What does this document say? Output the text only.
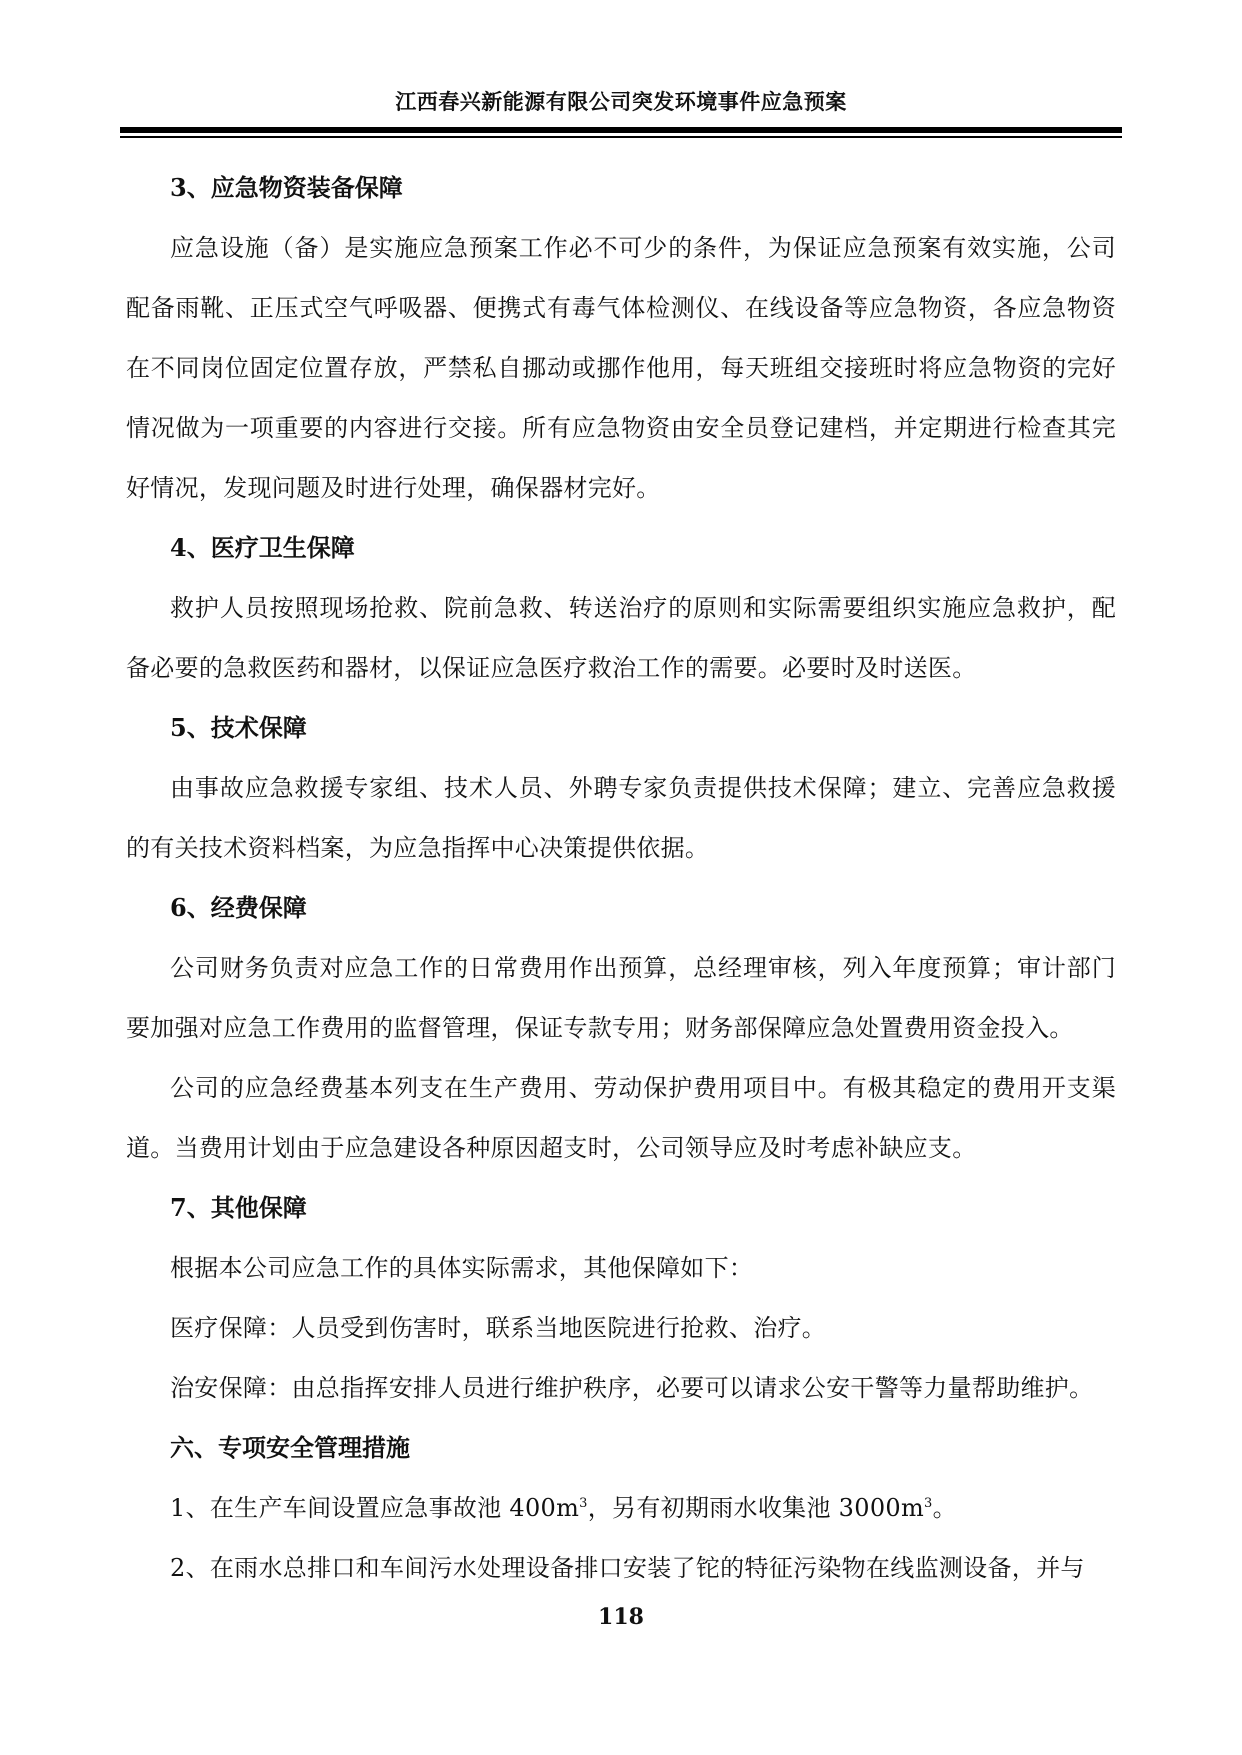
江西春兴新能源有限公司突发环境事件应急预案

3、应急物资装备保障

应急设施（备）是实施应急预案工作必不可少的条件，为保证应急预案有效实施，公司配备雨靴、正压式空气呼吸器、便携式有毒气体检测仪、在线设备等应急物资，各应急物资在不同岗位固定位置存放，严禁私自挪动或挪作他用，每天班组交接班时将应急物资的完好情况做为一项重要的内容进行交接。所有应急物资由安全员登记建档，并定期进行检查其完好情况，发现问题及时进行处理，确保器材完好。

4、医疗卫生保障

救护人员按照现场抢救、院前急救、转送治疗的原则和实际需要组织实施应急救护，配备必要的急救医药和器材，以保证应急医疗救治工作的需要。必要时及时送医。

5、技术保障

由事故应急救援专家组、技术人员、外聘专家负责提供技术保障；建立、完善应急救援的有关技术资料档案，为应急指挥中心决策提供依据。

6、经费保障

公司财务负责对应急工作的日常费用作出预算，总经理审核，列入年度预算；审计部门要加强对应急工作费用的监督管理，保证专款专用；财务部保障应急处置费用资金投入。

公司的应急经费基本列支在生产费用、劳动保护费用项目中。有极其稳定的费用开支渠道。当费用计划由于应急建设各种原因超支时，公司领导应及时考虑补缺应支。

7、其他保障

根据本公司应急工作的具体实际需求，其他保障如下：

医疗保障：人员受到伤害时，联系当地医院进行抢救、治疗。

治安保障：由总指挥安排人员进行维护秩序，必要可以请求公安干警等力量帮助维护。

六、专项安全管理措施

1、在生产车间设置应急事故池 $400m^3$，另有初期雨水收集池 $3000m^3$。

2、在雨水总排口和车间污水处理设备排口安装了铊的特征污染物在线监测设备，并与

118
